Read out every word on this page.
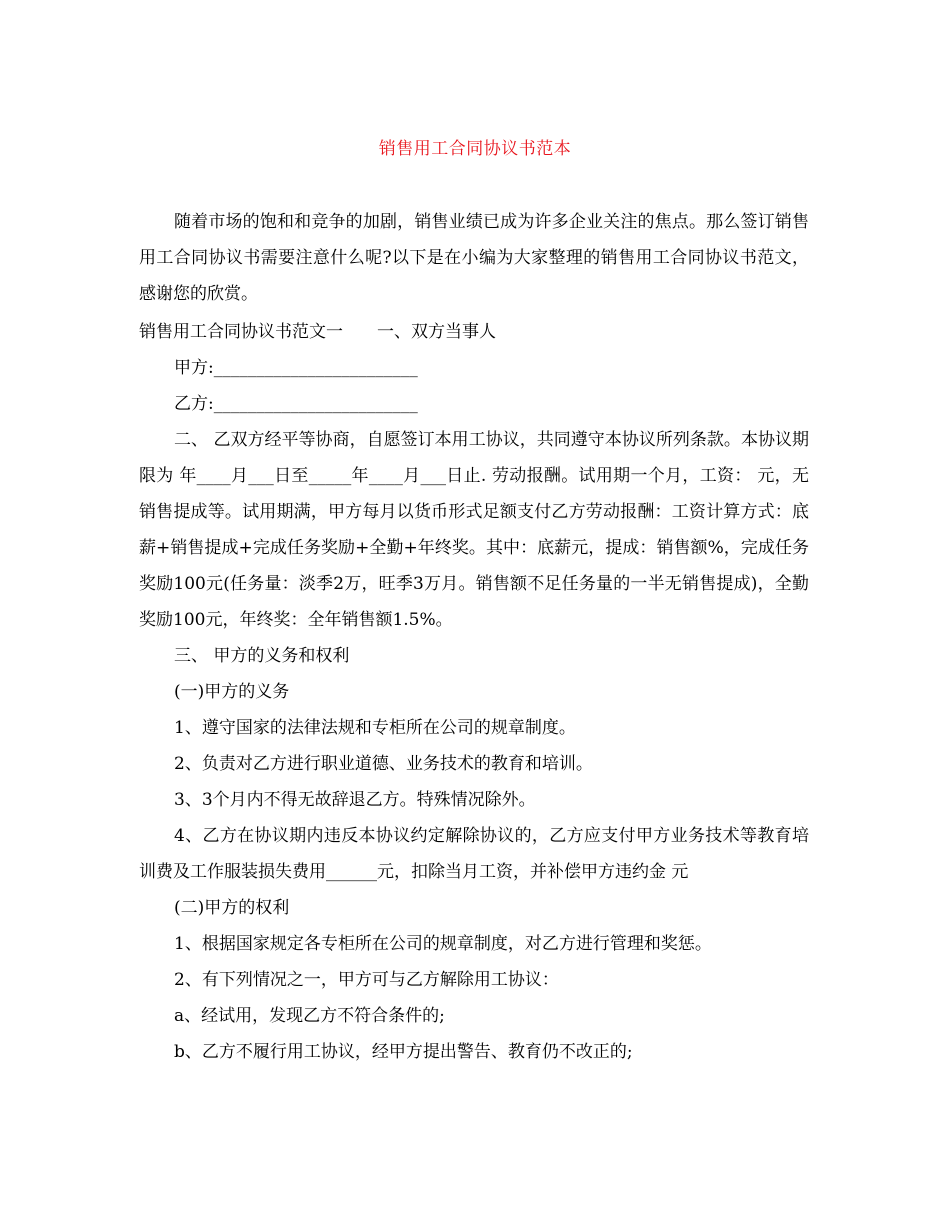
销售用工合同协议书范本

随着市场的饱和和竞争的加剧，销售业绩已成为许多企业关注的焦点。那么签订销售用工合同协议书需要注意什么呢?以下是在小编为大家整理的销售用工合同协议书范文，感谢您的欣赏。

销售用工合同协议书范文一　　一、双方当事人

甲方:________________________

乙方:________________________

二、 乙双方经平等协商，自愿签订本用工协议，共同遵守本协议所列条款。本协议期限为 年____月___日至_____年____月___日止. 劳动报酬。试用期一个月，工资： 元，无销售提成等。试用期满，甲方每月以货币形式足额支付乙方劳动报酬：工资计算方式：底薪+销售提成+完成任务奖励+全勤+年终奖。其中：底薪元，提成：销售额%，完成任务奖励100元(任务量：淡季2万，旺季3万月。销售额不足任务量的一半无销售提成)，全勤奖励100元，年终奖：全年销售额1.5%。

三、 甲方的义务和权利

(一)甲方的义务

1、遵守国家的法律法规和专柜所在公司的规章制度。

2、负责对乙方进行职业道德、业务技术的教育和培训。

3、3个月内不得无故辞退乙方。特殊情况除外。

4、乙方在协议期内违反本协议约定解除协议的，乙方应支付甲方业务技术等教育培训费及工作服装损失费用______元，扣除当月工资，并补偿甲方违约金 元

(二)甲方的权利

1、根据国家规定各专柜所在公司的规章制度，对乙方进行管理和奖惩。

2、有下列情况之一，甲方可与乙方解除用工协议：

a、经试用，发现乙方不符合条件的;

b、乙方不履行用工协议，经甲方提出警告、教育仍不改正的;
